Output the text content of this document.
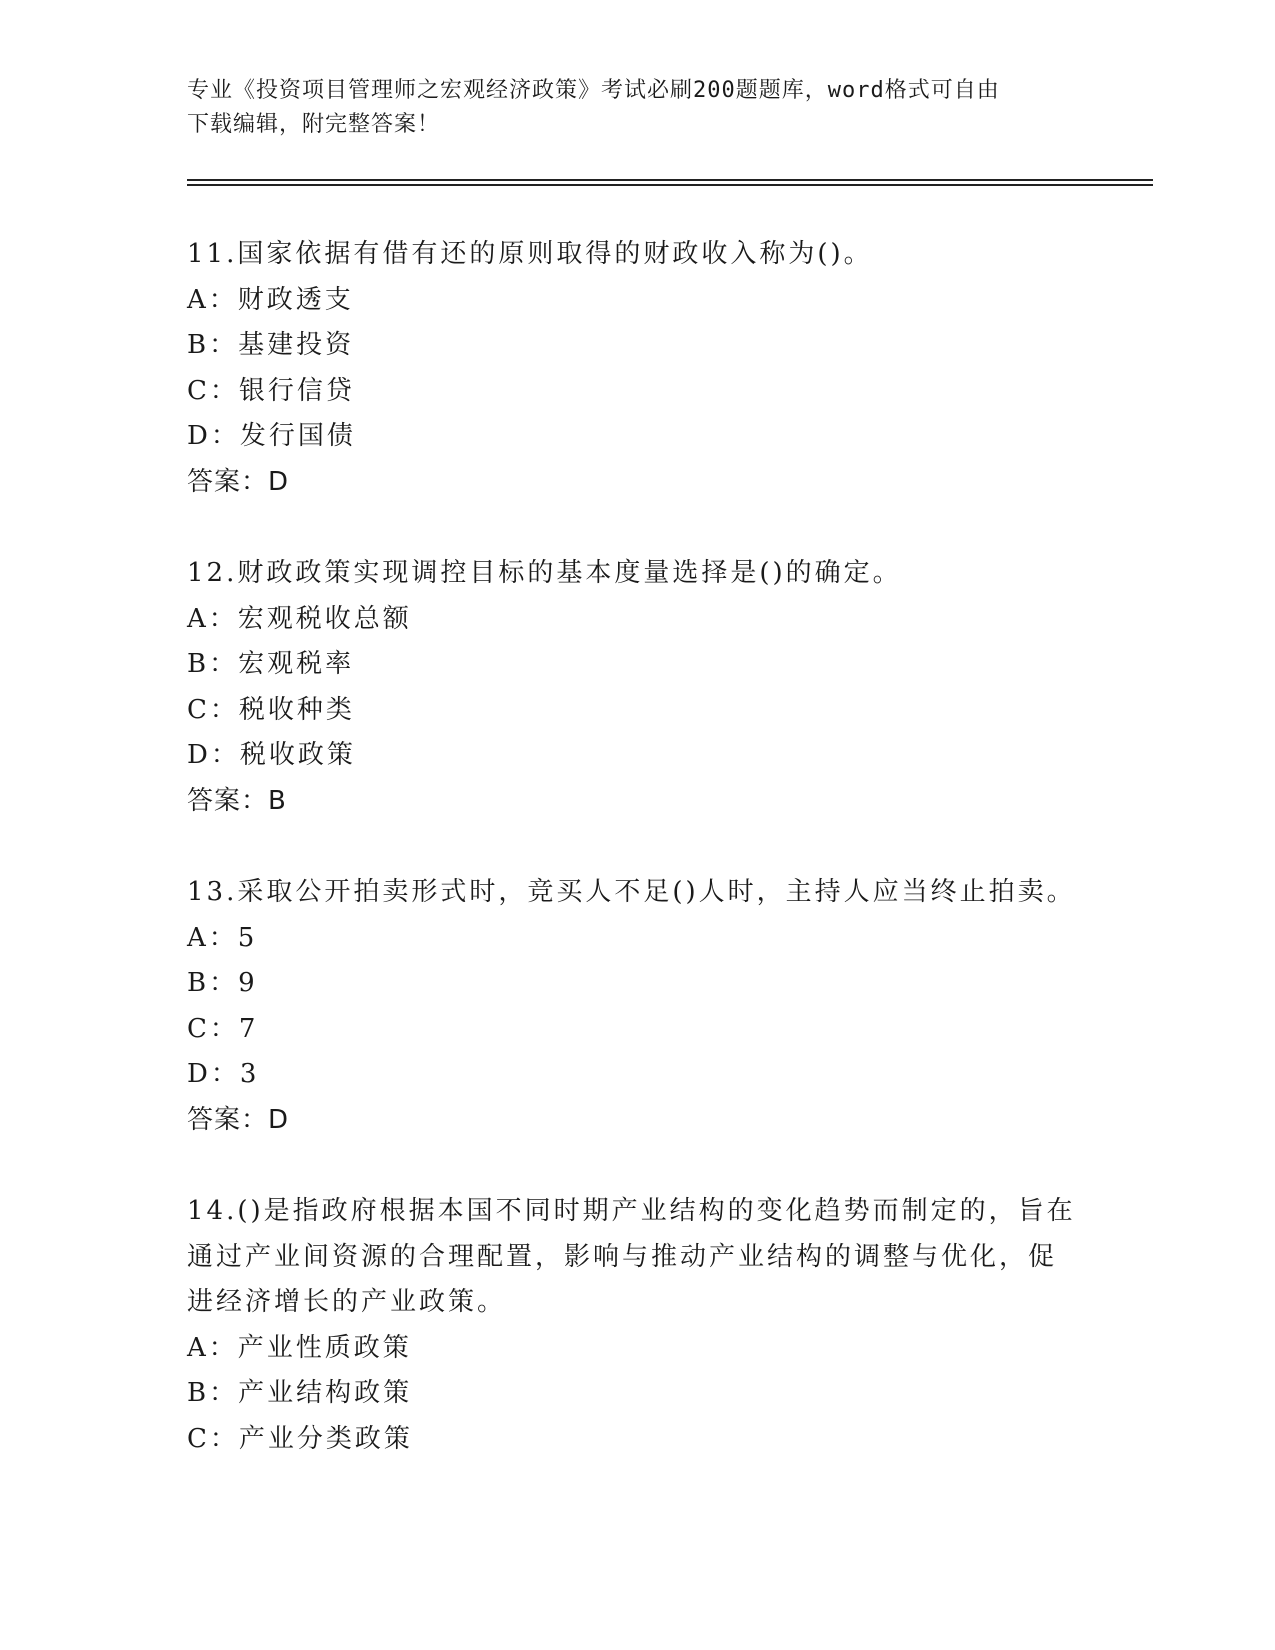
专业《投资项目管理师之宏观经济政策》考试必刷200题题库，word格式可自由
下载编辑，附完整答案！
11.国家依据有借有还的原则取得的财政收入称为()。
A：财政透支
B：基建投资
C：银行信贷
D：发行国债
答案：D
12.财政政策实现调控目标的基本度量选择是()的确定。
A：宏观税收总额
B：宏观税率
C：税收种类
D：税收政策
答案：B
13.采取公开拍卖形式时，竞买人不足()人时，主持人应当终止拍卖。
A：5
B：9
C：7
D：3
答案：D
14.()是指政府根据本国不同时期产业结构的变化趋势而制定的，旨在
通过产业间资源的合理配置，影响与推动产业结构的调整与优化，促
进经济增长的产业政策。
A：产业性质政策
B：产业结构政策
C：产业分类政策
